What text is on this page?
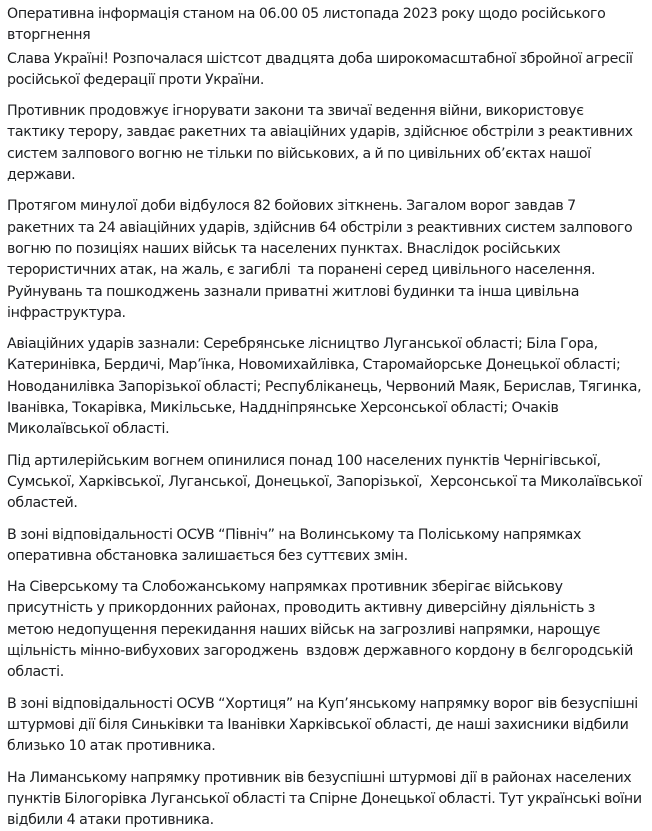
Оперативна інформація станом на 06.00 05 листопада 2023 року щодо російського вторгнення

Слава Україні! Розпочалася шістсот двадцята доба широкомасштабної збройної агресії російської федерації проти України.

Противник продовжує ігнорувати закони та звичаї ведення війни, використовує тактику терору, завдає ракетних та авіаційних ударів, здійснює обстріли з реактивних систем залпового вогню не тільки по військових, а й по цивільних об’єктах нашої держави.

Протягом минулої доби відбулося 82 бойових зіткнень. Загалом ворог завдав 7 ракетних та 24 авіаційних ударів, здійснив 64 обстріли з реактивних систем залпового вогню по позиціях наших військ та населених пунктах. Внаслідок російських терористичних атак, на жаль, є загиблі  та поранені серед цивільного населення. Руйнувань та пошкоджень зазнали приватні житлові будинки та інша цивільна інфраструктура.

Авіаційних ударів зазнали: Серебрянське лісництво Луганської області; Біла Гора, Катеринівка, Бердичі, Мар’їнка, Новомихайлівка, Старомайорське Донецької області; Новоданилівка Запорізької області; Республіканець, Червоний Маяк, Берислав, Тягинка, Іванівка, Токарівка, Микільське, Наддніпрянське Херсонської області; Очаків Миколаївської області.

Під артилерійським вогнем опинилися понад 100 населених пунктів Чернігівської, Сумської, Харківської, Луганської, Донецької, Запорізької,  Херсонської та Миколаївської областей.

В зоні відповідальності ОСУВ “Північ” на Волинському та Поліському напрямках оперативна обстановка залишається без суттєвих змін.

На Сіверському та Слобожанському напрямках противник зберігає військову присутність у прикордонних районах, проводить активну диверсійну діяльність з метою недопущення перекидання наших військ на загрозливі напрямки, нарощує щільність мінно-вибухових загороджень  вздовж державного кордону в бєлгородській області.

В зоні відповідальності ОСУВ “Хортиця” на Куп’янському напрямку ворог вів безуспішні штурмові дії біля Синьківки та Іванівки Харківської області, де наші захисники відбили близько 10 атак противника.

На Лиманському напрямку противник вів безуспішні штурмові дії в районах населених пунктів Білогорівка Луганської області та Спірне Донецької області. Тут українські воїни відбили 4 атаки противника.
